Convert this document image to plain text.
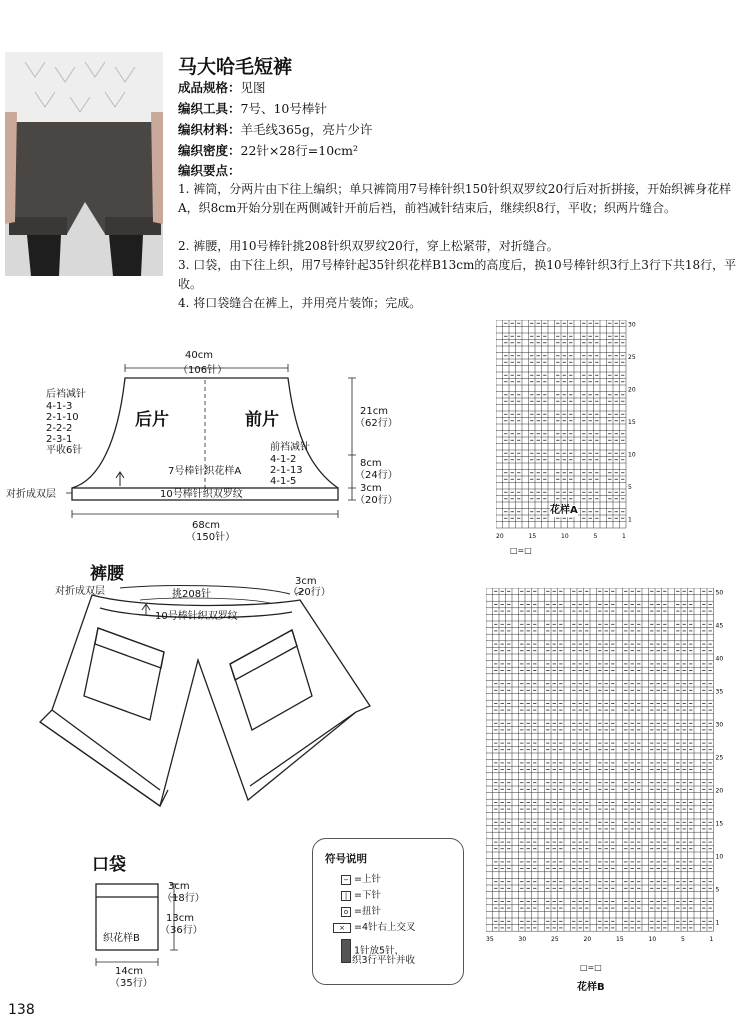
马大哈毛短裤
成品规格：见图
编织工具：7号、10号棒针
编织材料：羊毛线365g，亮片少许
编织密度：22针×28行=10cm²
编织要点：
1. 裤筒，分两片由下往上编织；单只裤筒用7号棒针织150针织双罗纹20行后对折拼接，开始织裤身花样A，织8cm开始分别在两侧减针开前后裆，前裆减针结束后，继续织8行，平收；织两片缝合。
2. 裤腰，用10号棒针挑208针织双罗纹20行，穿上松紧带，对折缝合。
3. 口袋，由下往上织，用7号棒针起35针织花样B13cm的高度后，换10号棒针织3行上3行下共18行，平收。
4. 将口袋缝合在裤上，并用亮片装饰；完成。
40cm
（106针）
后片	前片
后裆减针
4-1-3
2-1-10
2-2-2
2-3-1
平收6针	前裆减针
4-1-2
2-1-13
4-1-5
7号棒针织花样A
10号棒针织双罗纹
对折成双层
21cm
（62行）
8cm
（24行）
3cm
（20行）
68cm
（150针）
裤腰
对折成双层	挑208针
10号棒针织双罗纹
3cm
（20行）
口袋
织花样B
3cm
（18行）
13cm
（36行）
14cm
（35行）
符号说明
− =上针
| =下针
o =扭针
× =4针右上交叉
1针放5针，
织3行平针并收
20	15	10	5	1
30
25
20
15
10
5
1
花样A
□=□
35	30	25	20	15	10	5	1
50
45
40
35
30
25
20
15
10
5
1
□=□
花样B
138
